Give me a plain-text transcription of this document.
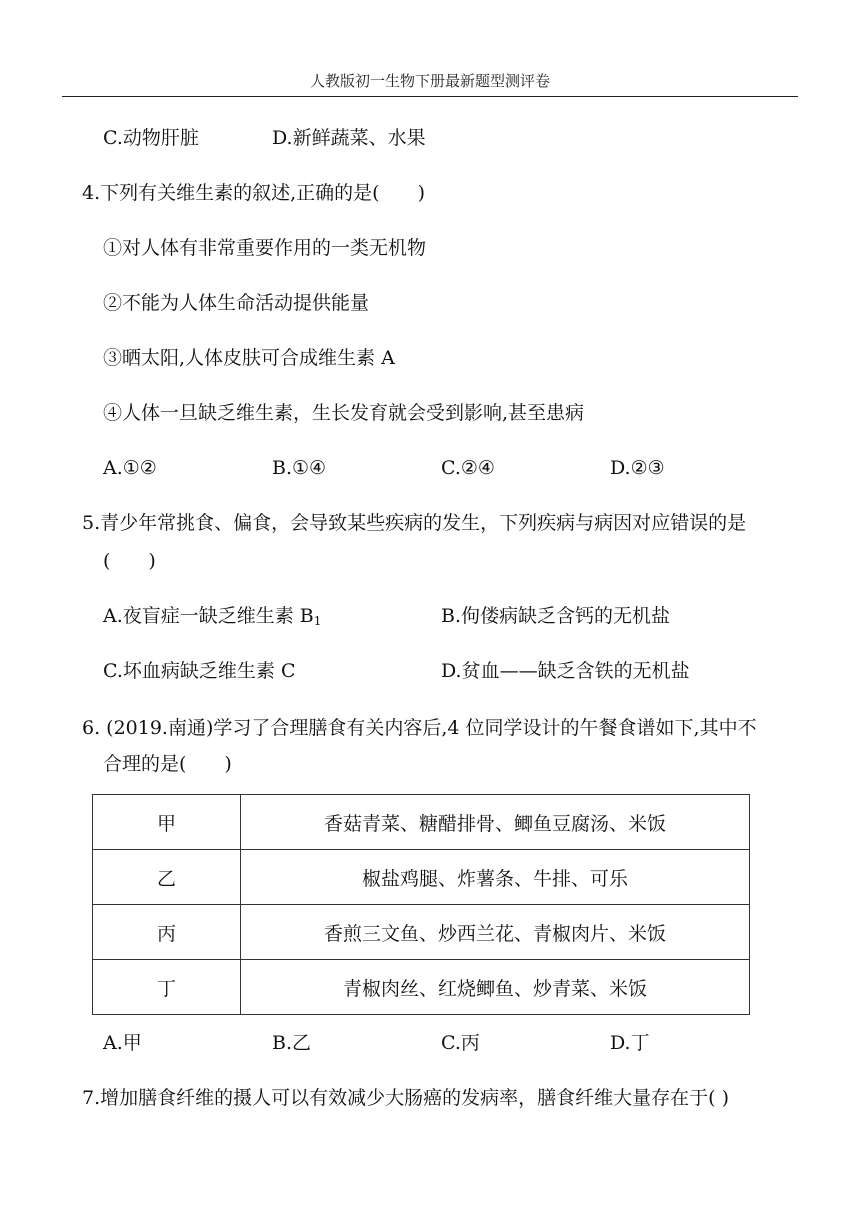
人教版初一生物下册最新题型测评卷
C.动物肝脏	D.新鲜蔬菜、水果
4.下列有关维生素的叙述,正确的是(　　)
①对人体有非常重要作用的一类无机物
②不能为人体生命活动提供能量
③晒太阳,人体皮肤可合成维生素 A
④人体一旦缺乏维生素，生长发育就会受到影响,甚至患病
A.①②	B.①④	C.②④	D.②③
5.青少年常挑食、偏食，会导致某些疾病的发生，下列疾病与病因对应错误的是
(　　)
A.夜盲症一缺乏维生素 $B_1$	B.佝偻病缺乏含钙的无机盐
C.坏血病缺乏维生素 C	D.贫血——缺乏含铁的无机盐
6. (2019.南通)学习了合理膳食有关内容后,4 位同学设计的午餐食谱如下,其中不
合理的是(　　)
甲	香菇青菜、糖醋排骨、鲫鱼豆腐汤、米饭
乙	椒盐鸡腿、炸薯条、牛排、可乐
丙	香煎三文鱼、炒西兰花、青椒肉片、米饭
丁	青椒肉丝、红烧鲫鱼、炒青菜、米饭
A.甲	B.乙	C.丙	D.丁
7.增加膳食纤维的摄人可以有效减少大肠癌的发病率，膳食纤维大量存在于( )
